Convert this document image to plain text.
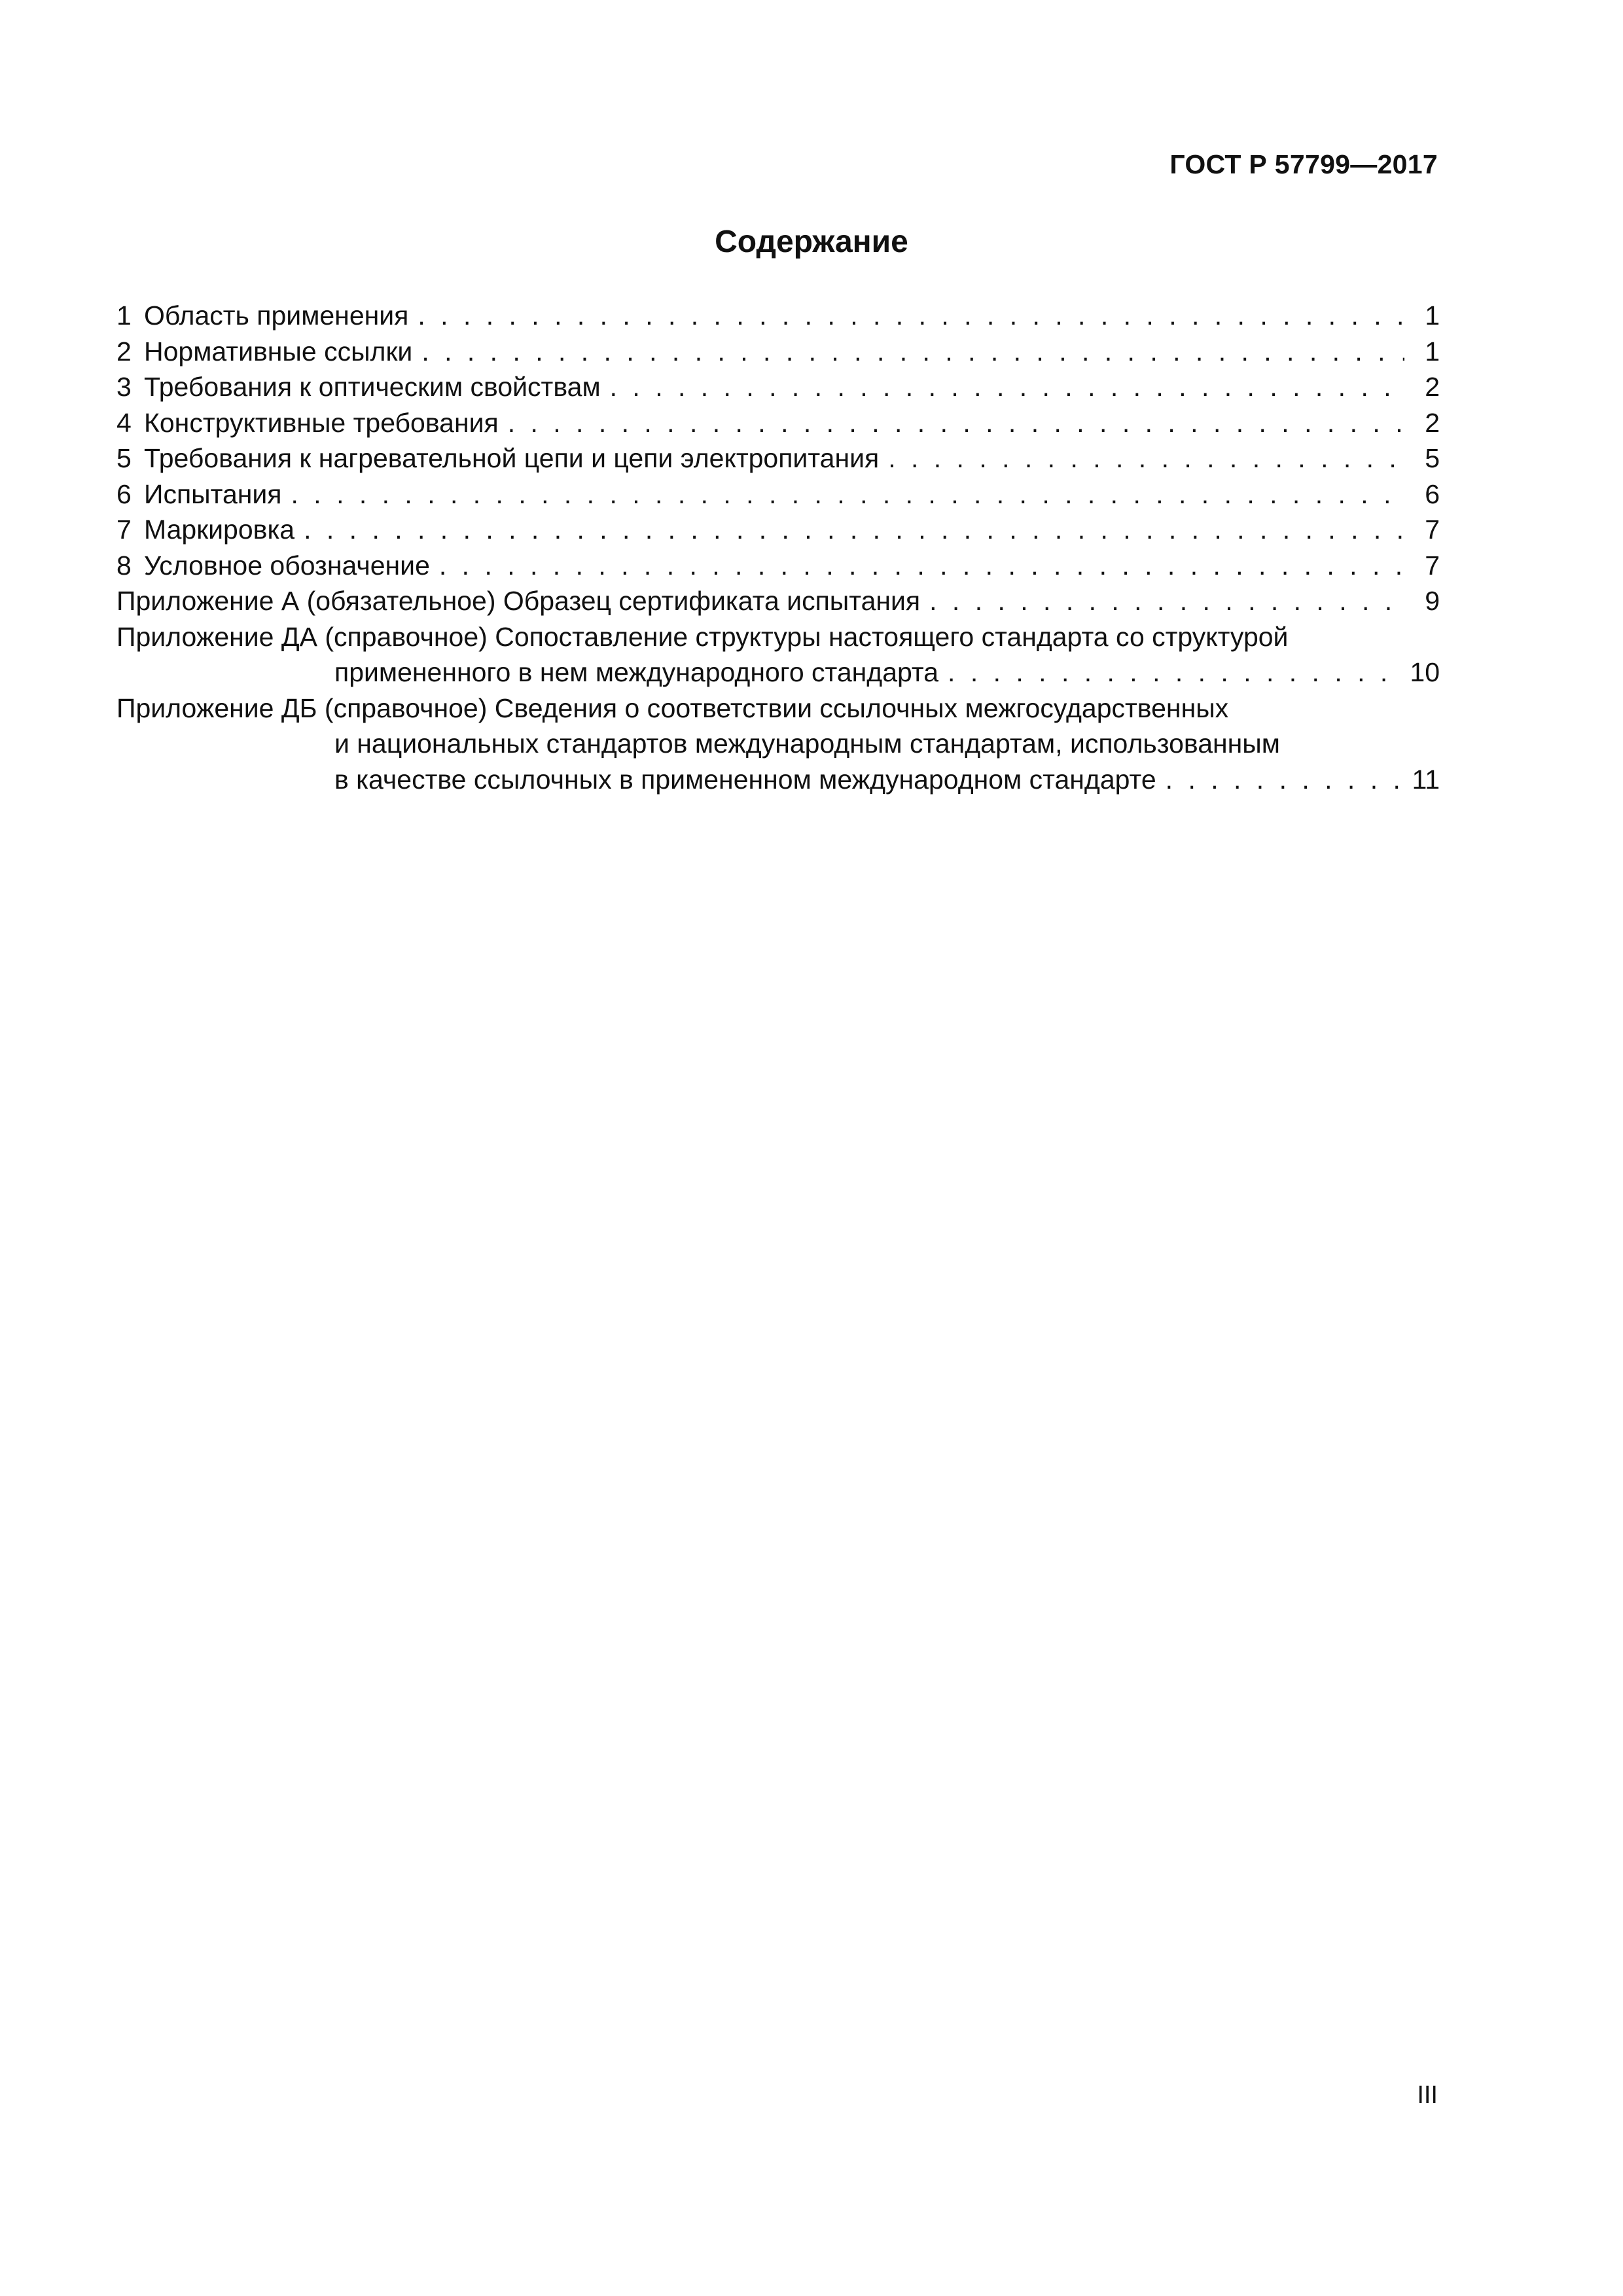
ГОСТ Р 57799—2017
Содержание
1 Область применения . . .	1
2 Нормативные ссылки . . .	1
3 Требования к оптическим свойствам . . .	2
4 Конструктивные требования . . .	2
5 Требования к нагревательной цепи и цепи электропитания . . .	5
6 Испытания . . .	6
7 Маркировка . . .	7
8 Условное обозначение . . .	7
Приложение А (обязательное) Образец сертификата испытания . . .	9
Приложение ДА (справочное) Сопоставление структуры настоящего стандарта со структурой
примененного в нем международного стандарта . . .	10
Приложение ДБ (справочное) Сведения о соответствии ссылочных межгосударственных
и национальных стандартов международным стандартам, использованным
в качестве ссылочных в примененном международном стандарте . . .	11
III
